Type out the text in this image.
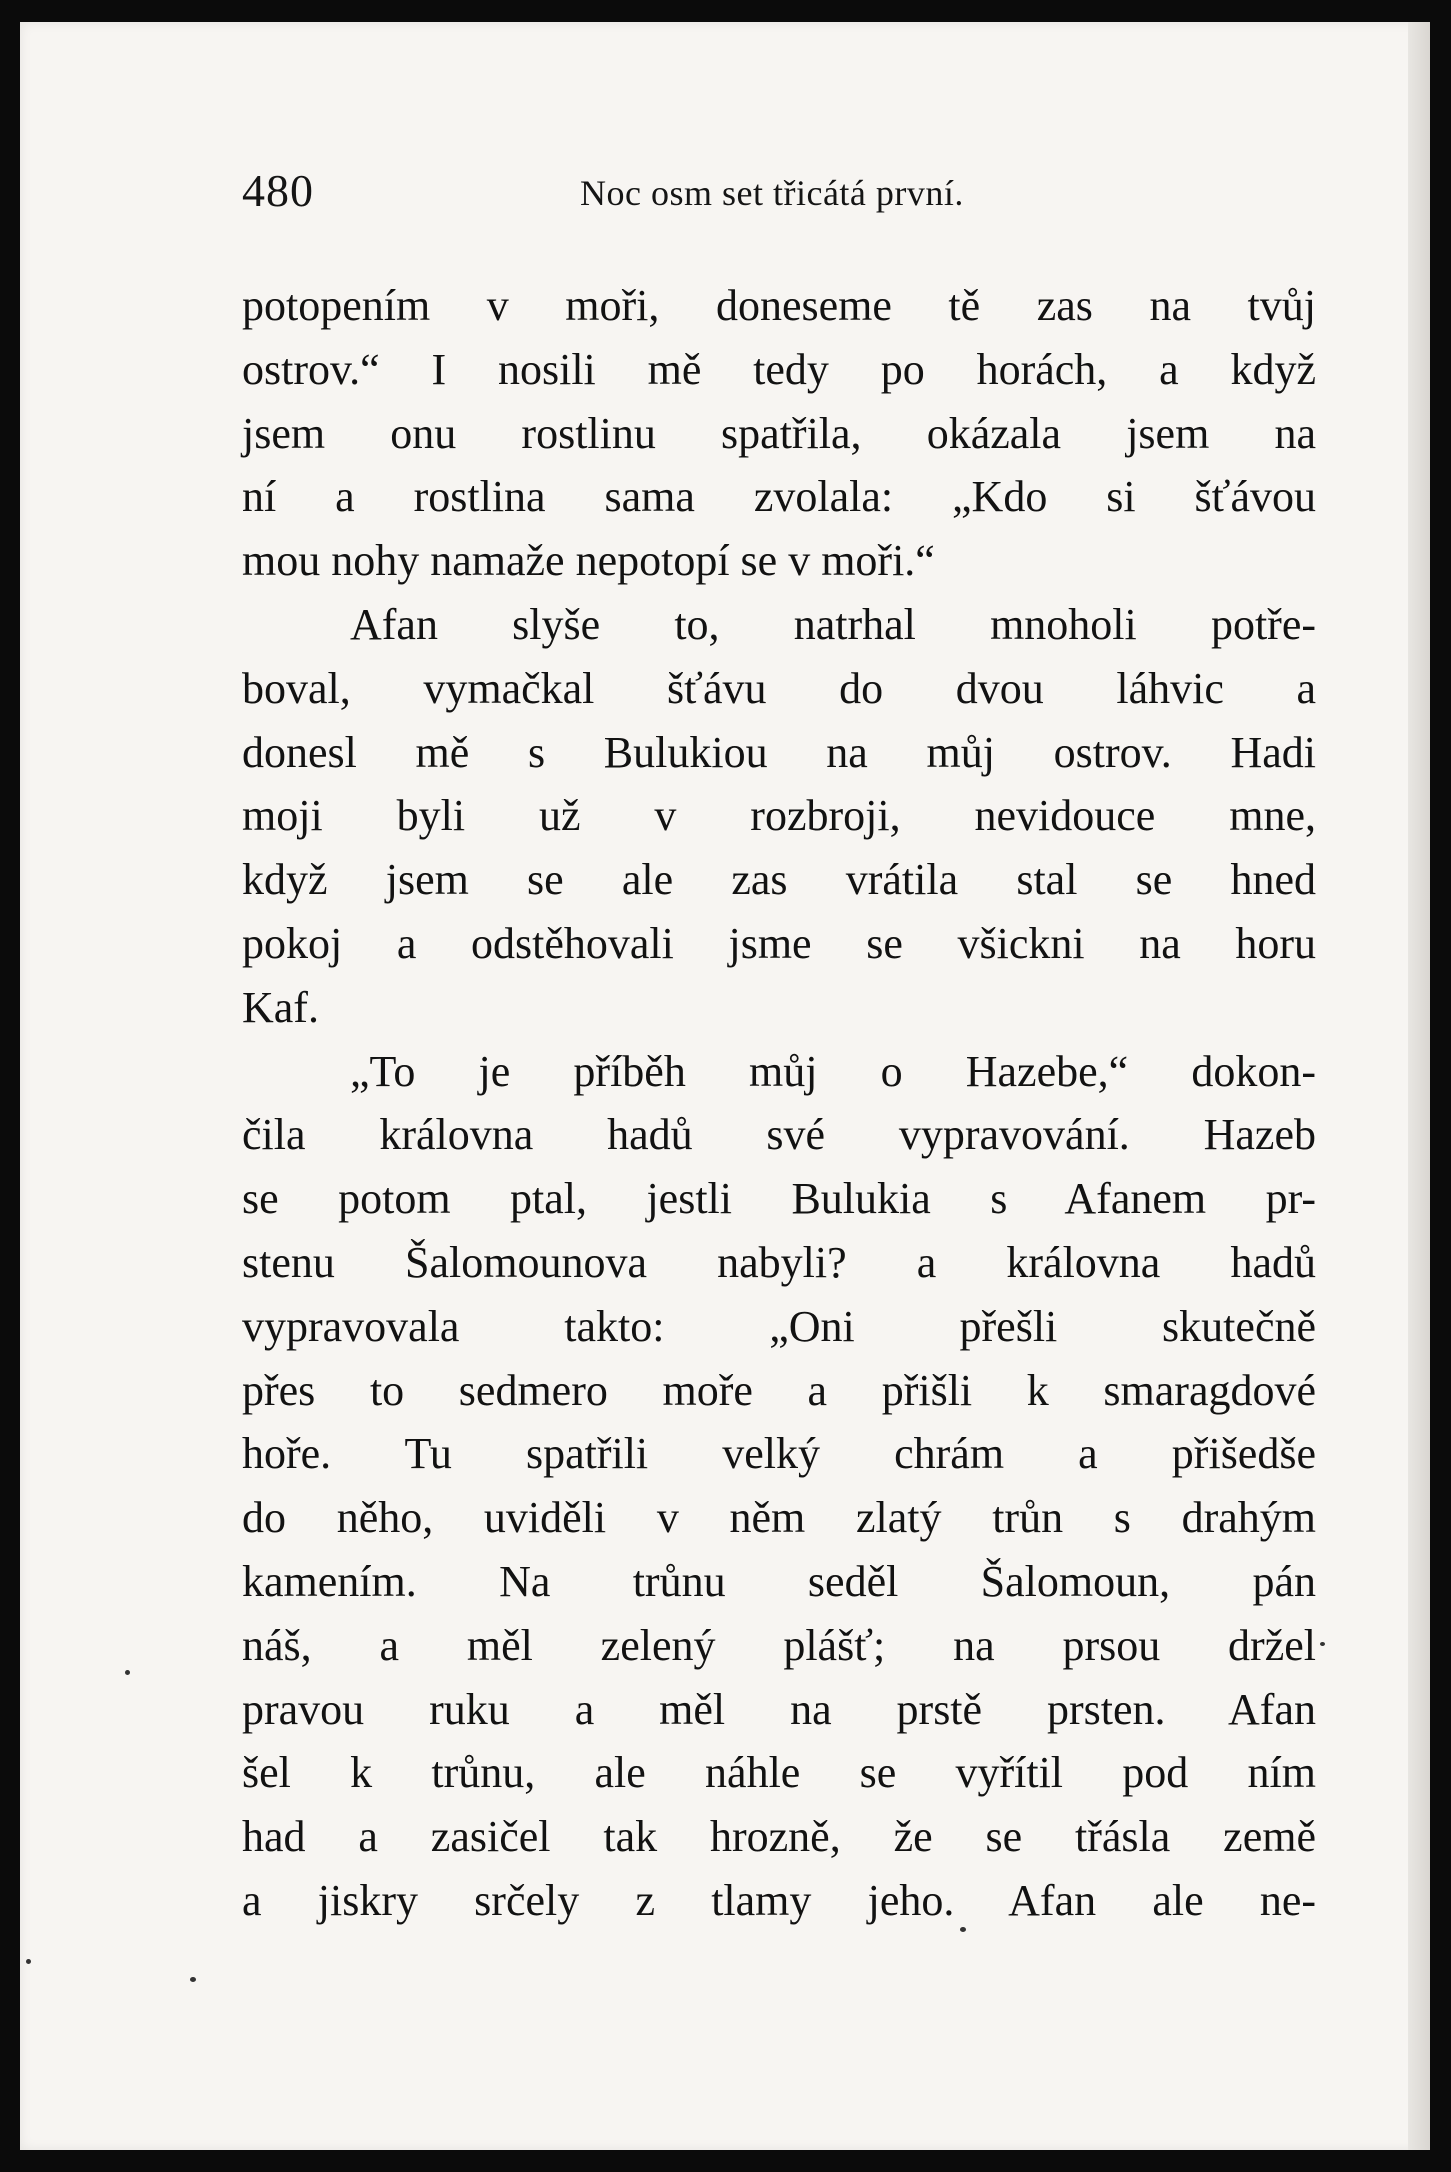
480	Noc osm set třicátá první.
potopením v moři, doneseme tě zas na tvůj
ostrov.“ I nosili mě tedy po horách, a když
jsem onu rostlinu spatřila, okázala jsem na
ní a rostlina sama zvolala: „Kdo si šťávou
mou nohy namaže nepotopí se v moři.“
Afan slyše to, natrhal mnoholi potře-
boval, vymačkal šťávu do dvou láhvic a
donesl mě s Bulukiou na můj ostrov. Hadi
moji byli už v rozbroji, nevidouce mne,
když jsem se ale zas vrátila stal se hned
pokoj a odstěhovali jsme se všickni na horu
Kaf.
„To je příběh můj o Hazebe,“ dokon-
čila královna hadů své vypravování. Hazeb
se potom ptal, jestli Bulukia s Afanem pr-
stenu Šalomounova nabyli? a královna hadů
vypravovala takto: „Oni přešli skutečně
přes to sedmero moře a přišli k smaragdové
hoře. Tu spatřili velký chrám a přišedše
do něho, uviděli v něm zlatý trůn s drahým
kamením. Na trůnu seděl Šalomoun, pán
náš, a měl zelený plášť; na prsou držel
pravou ruku a měl na prstě prsten. Afan
šel k trůnu, ale náhle se vyřítil pod ním
had a zasičel tak hrozně, že se třásla země
a jiskry srčely z tlamy jeho. Afan ale ne-
